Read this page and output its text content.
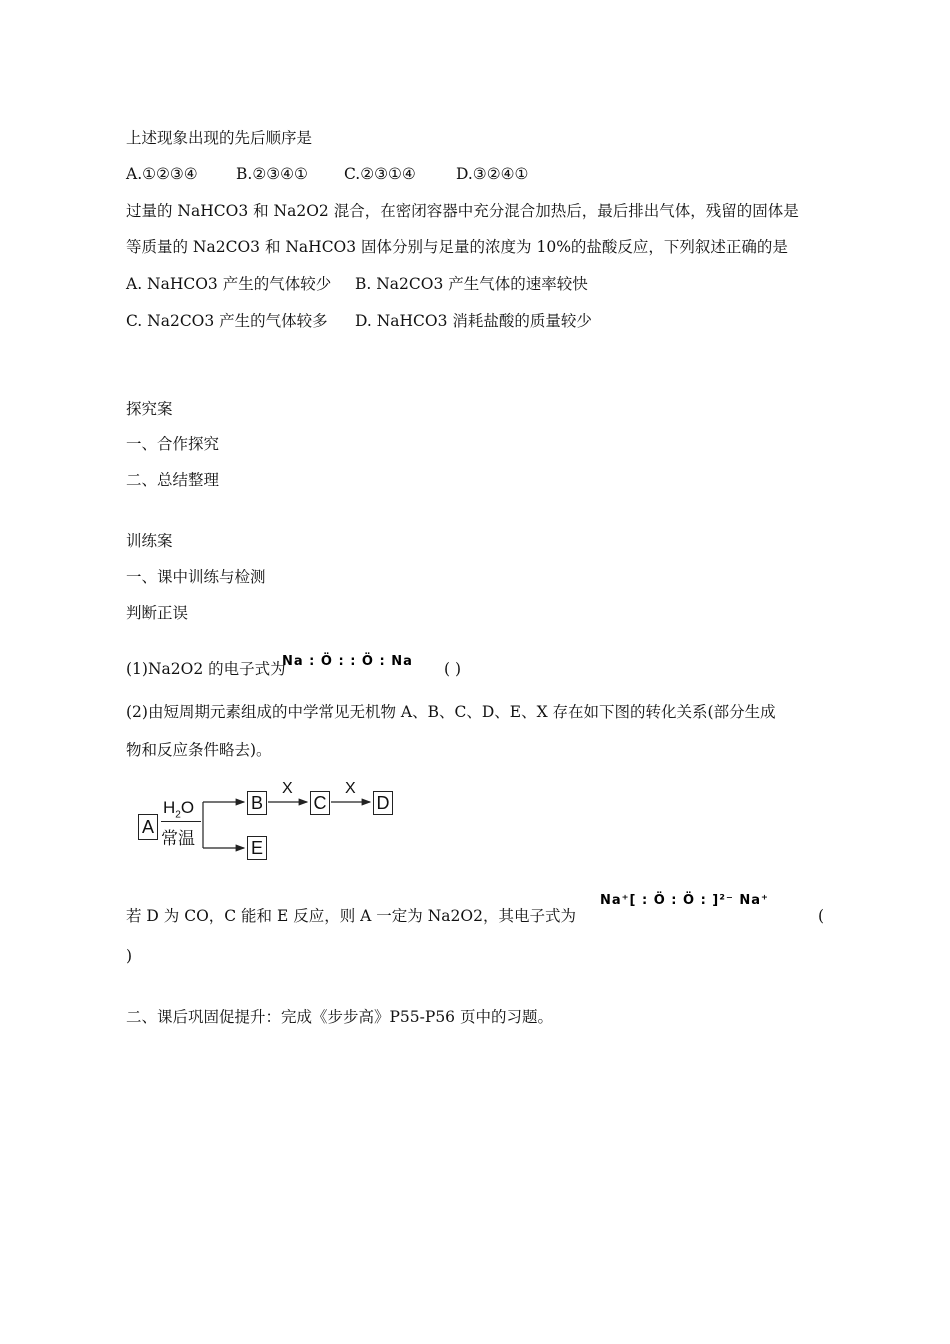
上述现象出现的先后顺序是
A.①②③④ B.②③④① C.②③①④	D.③②④①
过量的 NaHCO3 和 Na2O2 混合，在密闭容器中充分混合加热后，最后排出气体，残留的固体是
等质量的 Na2CO3 和 NaHCO3 固体分别与足量的浓度为 10%的盐酸反应，下列叙述正确的是
A. NaHCO3 产生的气体较少 B. Na2CO3 产生气体的速率较快
C. Na2CO3 产生的气体较多 D. NaHCO3 消耗盐酸的质量较少
探究案
一、合作探究
二、总结整理
训练案
一、课中训练与检测
判断正误
(1)Na2O2 的电子式为
Na : Ö : : Ö : Na ( )
(2)由短周期元素组成的中学常见无机物 A、B、C、D、E、X 存在如下图的转化关系(部分生成
物和反应条件略去)。
A
$H_2O$
常温
B	C	D
E
X	X
若 D 为 CO，C 能和 E 反应，则 A 一定为 Na2O2，其电子式为
Na⁺[ : Ö : Ö : ]²⁻ Na⁺
(
)
二、课后巩固促提升：完成《步步高》P55-P56 页中的习题。
